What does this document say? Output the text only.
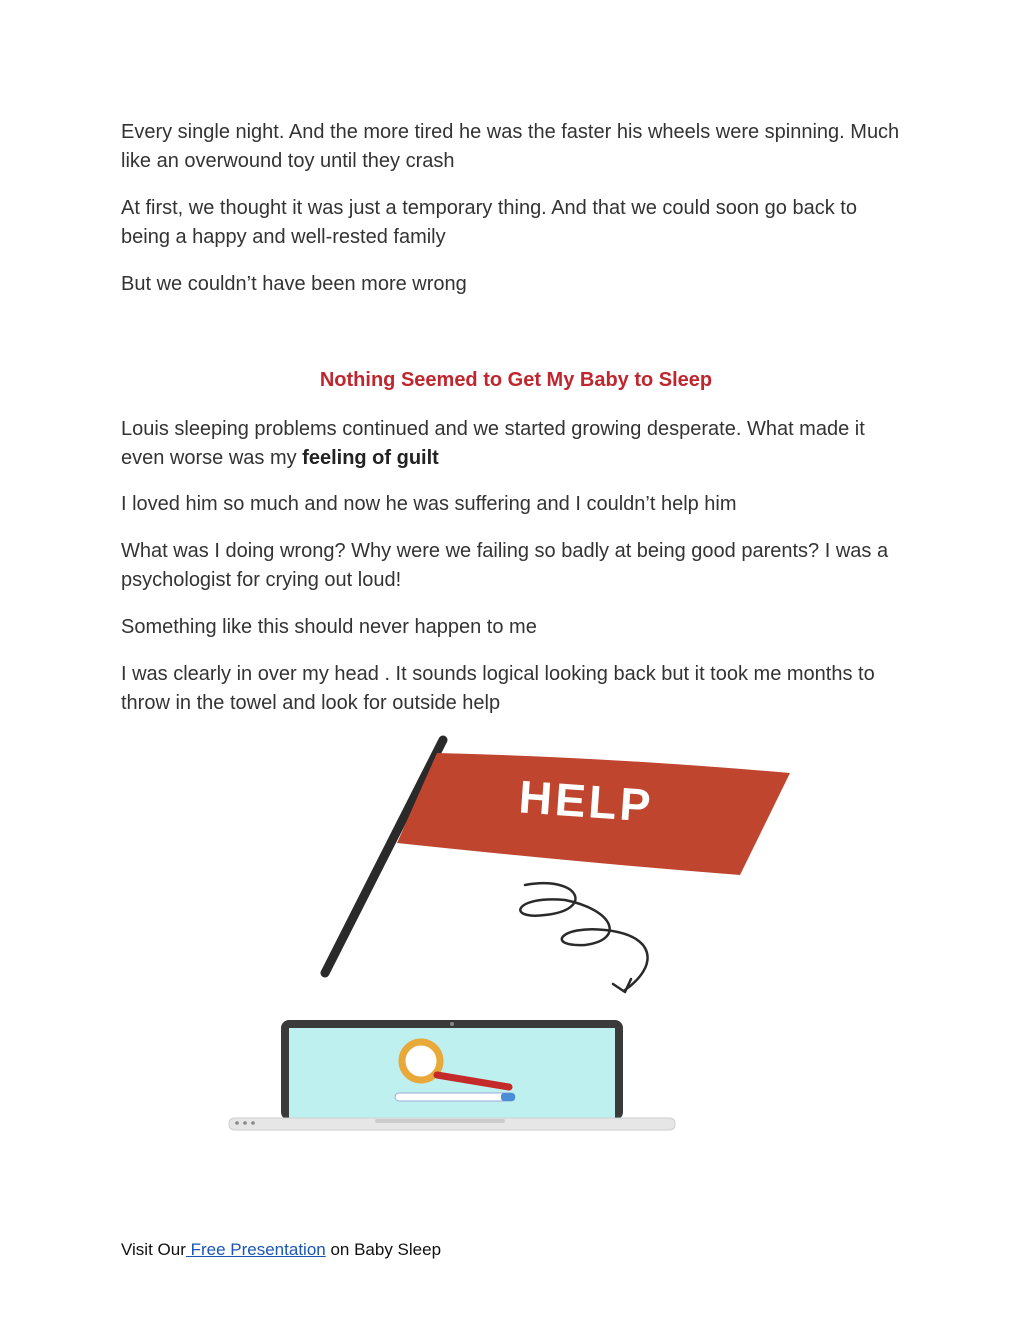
Every single night. And the more tired he was the faster his wheels were spinning. Much like an overwound toy until they crash

At first, we thought it was just a temporary thing. And that we could soon go back to being a happy and well-rested family

But we couldn’t have been more wrong

Nothing Seemed to Get My Baby to Sleep

Louis sleeping problems continued and we started growing desperate. What made it even worse was my feeling of guilt

I loved him so much and now he was suffering and I couldn’t help him

What was I doing wrong? Why were we failing so badly at being good parents? I was a psychologist for crying out loud!

Something like this should never happen to me

I was clearly in over my head . It sounds logical looking back but it took me months to throw in the towel and look for outside help

HELP
Visit Our Free Presentation on Baby Sleep
